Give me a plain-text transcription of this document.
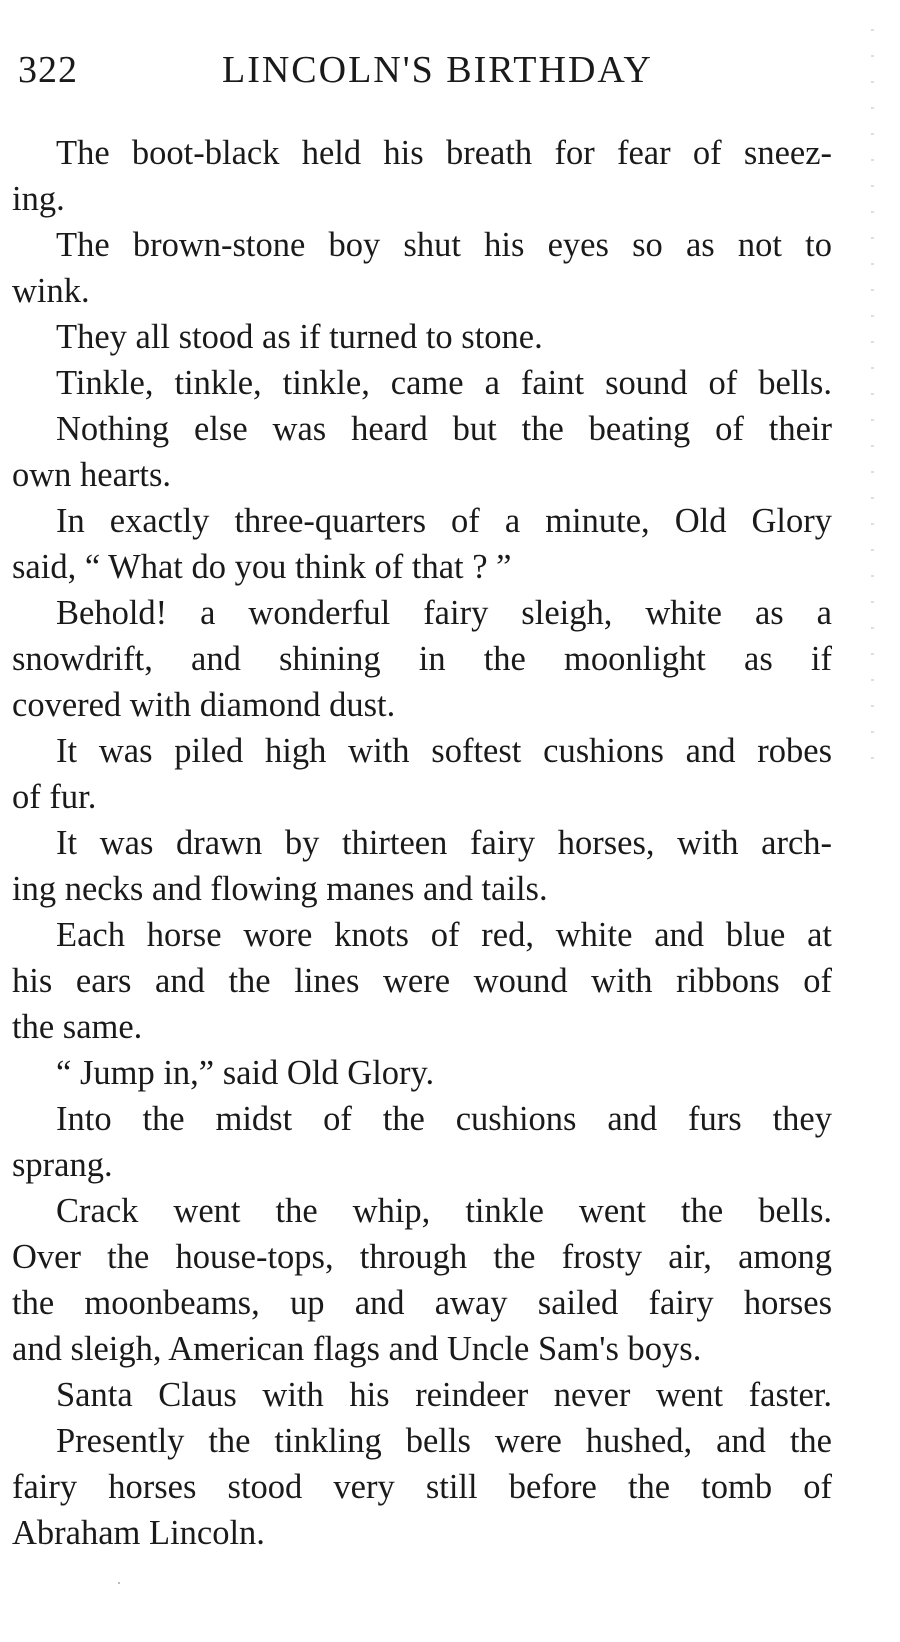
322	LINCOLN'S BIRTHDAY
The boot-black held his breath for fear of sneez-
ing.
The brown-stone boy shut his eyes so as not to
wink.
They all stood as if turned to stone.
Tinkle, tinkle, tinkle, came a faint sound of bells.
Nothing else was heard but the beating of their
own hearts.
In exactly three-quarters of a minute, Old Glory
said, “ What do you think of that ? ”
Behold! a wonderful fairy sleigh, white as a
snowdrift, and shining in the moonlight as if
covered with diamond dust.
It was piled high with softest cushions and robes
of fur.
It was drawn by thirteen fairy horses, with arch-
ing necks and flowing manes and tails.
Each horse wore knots of red, white and blue at
his ears and the lines were wound with ribbons of
the same.
“ Jump in,” said Old Glory.
Into the midst of the cushions and furs they
sprang.
Crack went the whip, tinkle went the bells.
Over the house-tops, through the frosty air, among
the moonbeams, up and away sailed fairy horses
and sleigh, American flags and Uncle Sam's boys.
Santa Claus with his reindeer never went faster.
Presently the tinkling bells were hushed, and the
fairy horses stood very still before the tomb of
Abraham Lincoln.
